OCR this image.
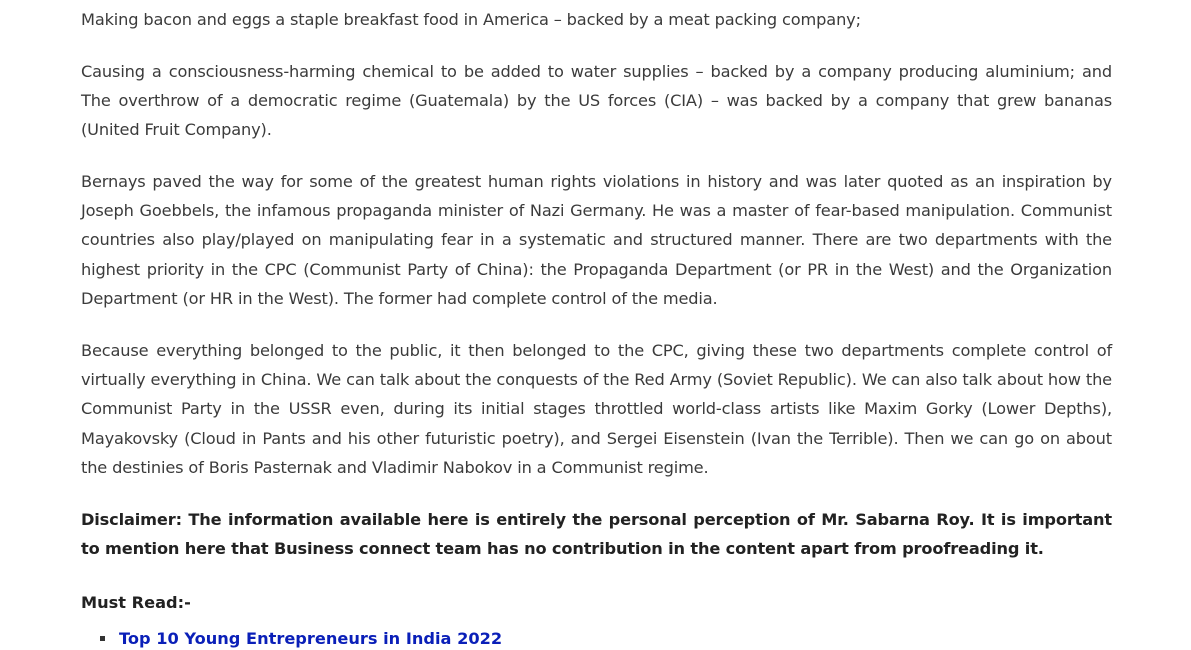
Making bacon and eggs a staple breakfast food in America – backed by a meat packing company;

Causing a consciousness-harming chemical to be added to water supplies – backed by a company producing aluminium; and The overthrow of a democratic regime (Guatemala) by the US forces (CIA) – was backed by a company that grew bananas (United Fruit Company).

Bernays paved the way for some of the greatest human rights violations in history and was later quoted as an inspiration by Joseph Goebbels, the infamous propaganda minister of Nazi Germany. He was a master of fear-based manipulation. Communist countries also play/played on manipulating fear in a systematic and structured manner. There are two departments with the highest priority in the CPC (Communist Party of China): the Propaganda Department (or PR in the West) and the Organization Department (or HR in the West). The former had complete control of the media.

Because everything belonged to the public, it then belonged to the CPC, giving these two departments complete control of virtually everything in China. We can talk about the conquests of the Red Army (Soviet Republic). We can also talk about how the Communist Party in the USSR even, during its initial stages throttled world-class artists like Maxim Gorky (Lower Depths), Mayakovsky (Cloud in Pants and his other futuristic poetry), and Sergei Eisenstein (Ivan the Terrible). Then we can go on about the destinies of Boris Pasternak and Vladimir Nabokov in a Communist regime.

Disclaimer: The information available here is entirely the personal perception of Mr. Sabarna Roy. It is important to mention here that Business connect team has no contribution in the content apart from proofreading it.

Must Read:-
Top 10 Young Entrepreneurs in India 2022
